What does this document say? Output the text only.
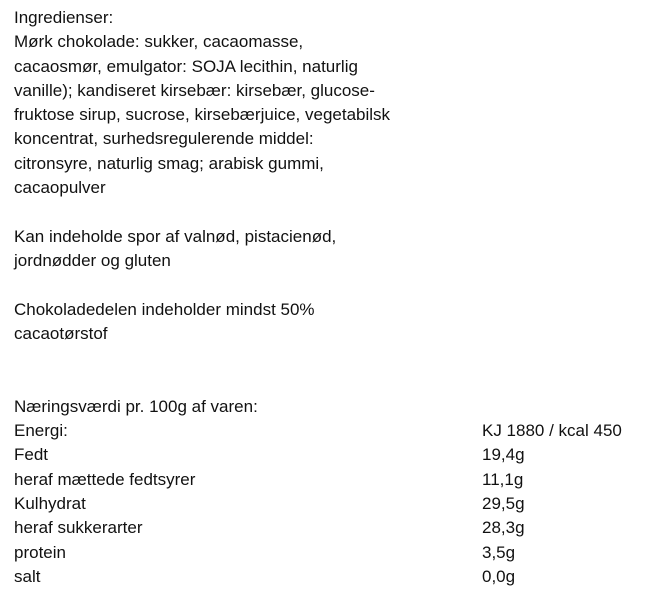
Ingredienser:
Mørk chokolade: sukker, cacaomasse,
cacaosmør, emulgator: SOJA lecithin, naturlig
vanille); kandiseret kirsebær: kirsebær, glucose-
fruktose sirup, sucrose, kirsebærjuice, vegetabilsk
koncentrat, surhedsregulerende middel:
citronsyre, naturlig smag; arabisk gummi,
cacaopulver
Kan indeholde spor af valnød, pistacienød,
jordnødder og gluten
Chokoladedelen indeholder mindst 50%
cacaotørstof
Næringsværdi pr. 100g af varen:
Energi:	KJ 1880 / kcal 450
Fedt	19,4g
heraf mættede fedtsyrer	11,1g
Kulhydrat	29,5g
heraf sukkerarter	28,3g
protein	3,5g
salt	0,0g
